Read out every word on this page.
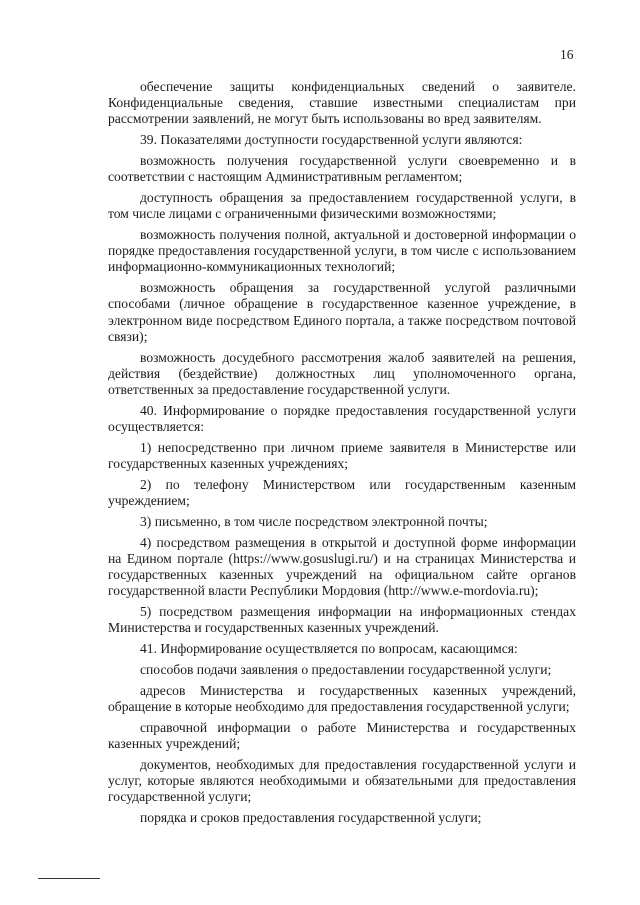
16

обеспечение защиты конфиденциальных сведений о заявителе. Конфиденциальные сведения, ставшие известными специалистам при рассмотрении заявлений, не могут быть использованы во вред заявителям.

39. Показателями доступности государственной услуги являются:

возможность получения государственной услуги своевременно и в соответствии с настоящим Административным регламентом;

доступность обращения за предоставлением государственной услуги, в том числе лицами с ограниченными физическими возможностями;

возможность получения полной, актуальной и достоверной информации о порядке предоставления государственной услуги, в том числе с использованием информационно-коммуникационных технологий;

возможность обращения за государственной услугой различными способами (личное обращение в государственное казенное учреждение, в электронном виде посредством Единого портала, а также посредством почтовой связи);

возможность досудебного рассмотрения жалоб заявителей на решения, действия (бездействие) должностных лиц уполномоченного органа, ответственных за предоставление государственной услуги.

40. Информирование о порядке предоставления государственной услуги осуществляется:

1) непосредственно при личном приеме заявителя в Министерстве или государственных казенных учреждениях;

2) по телефону Министерством или государственным казенным учреждением;

3) письменно, в том числе посредством электронной почты;

4) посредством размещения в открытой и доступной форме информации на Едином портале (https://www.gosuslugi.ru/) и на страницах Министерства и государственных казенных учреждений на официальном сайте органов государственной власти Республики Мордовия (http://www.e-mordovia.ru);

5) посредством размещения информации на информационных стендах Министерства и государственных казенных учреждений.

41. Информирование осуществляется по вопросам, касающимся:

способов подачи заявления о предоставлении государственной услуги;

адресов Министерства и государственных казенных учреждений, обращение в которые необходимо для предоставления государственной услуги;

справочной информации о работе Министерства и государственных казенных учреждений;

документов, необходимых для предоставления государственной услуги и услуг, которые являются необходимыми и обязательными для предоставления государственной услуги;

порядка и сроков предоставления государственной услуги;
